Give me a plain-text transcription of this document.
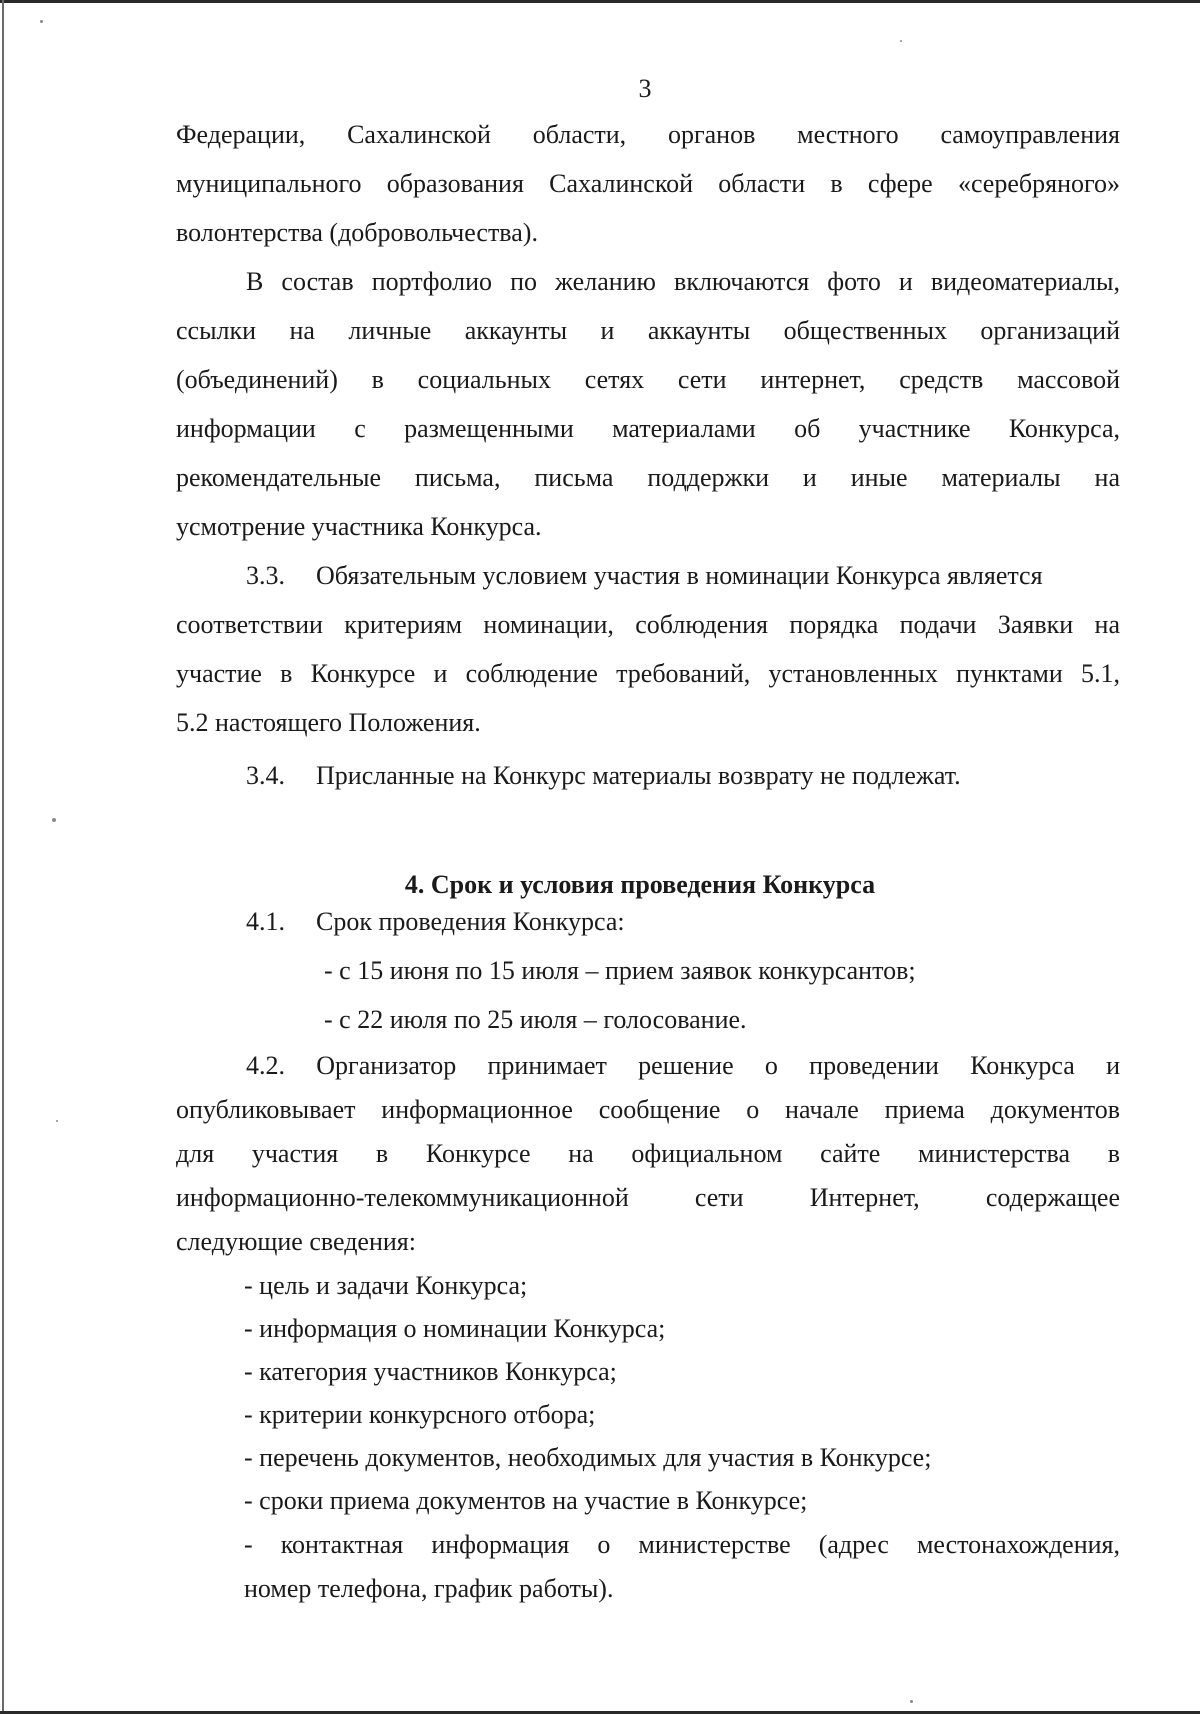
3
Федерации, Сахалинской области, органов местного самоуправления
муниципального образования Сахалинской области в сфере «серебряного»
волонтерства (добровольчества).
В состав портфолио по желанию включаются фото и видеоматериалы,
ссылки на личные аккаунты и аккаунты общественных организаций
(объединений) в социальных сетях сети интернет, средств массовой
информации с размещенными материалами об участнике Конкурса,
рекомендательные письма, письма поддержки и иные материалы на
усмотрение участника Конкурса.
3.3. Обязательным условием участия в номинации Конкурса является
соответствии критериям номинации, соблюдения порядка подачи Заявки на
участие в Конкурсе и соблюдение требований, установленных пунктами 5.1,
5.2 настоящего Положения.
3.4. Присланные на Конкурс материалы возврату не подлежат.
4. Срок и условия проведения Конкурса
4.1. Срок проведения Конкурса:
- с 15 июня по 15 июля – прием заявок конкурсантов;
- с 22 июля по 25 июля – голосование.
4.2. Организатор принимает решение о проведении Конкурса и
опубликовывает информационное сообщение о начале приема документов
для участия в Конкурсе на официальном сайте министерства в
информационно-телекоммуникационной сети Интернет, содержащее
следующие сведения:
- цель и задачи Конкурса;
- информация о номинации Конкурса;
- категория участников Конкурса;
- критерии конкурсного отбора;
- перечень документов, необходимых для участия в Конкурсе;
- сроки приема документов на участие в Конкурсе;
- контактная информация о министерстве (адрес местонахождения,
номер телефона, график работы).
